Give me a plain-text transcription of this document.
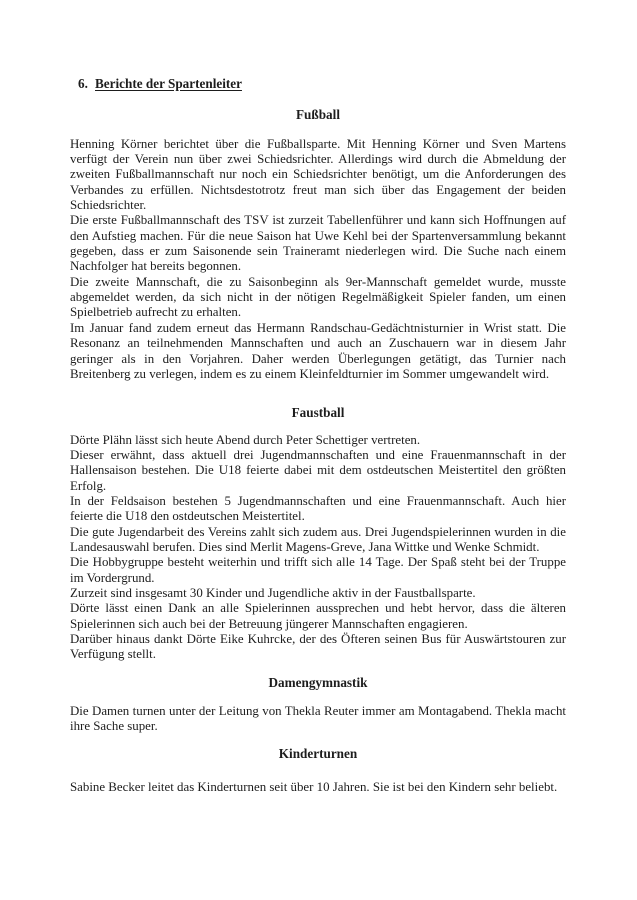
6. Berichte der Spartenleiter
Fußball

Henning Körner berichtet über die Fußballsparte. Mit Henning Körner und Sven Martens verfügt der Verein nun über zwei Schiedsrichter. Allerdings wird durch die Abmeldung der zweiten Fußballmannschaft nur noch ein Schiedsrichter benötigt, um die Anforderungen des Verbandes zu erfüllen. Nichtsdestotrotz freut man sich über das Engagement der beiden Schiedsrichter.

Die erste Fußballmannschaft des TSV ist zurzeit Tabellenführer und kann sich Hoffnungen auf den Aufstieg machen. Für die neue Saison hat Uwe Kehl bei der Spartenversammlung bekannt gegeben, dass er zum Saisonende sein Traineramt niederlegen wird. Die Suche nach einem Nachfolger hat bereits begonnen.

Die zweite Mannschaft, die zu Saisonbeginn als 9er-Mannschaft gemeldet wurde, musste abgemeldet werden, da sich nicht in der nötigen Regelmäßigkeit Spieler fanden, um einen Spielbetrieb aufrecht zu erhalten.

Im Januar fand zudem erneut das Hermann Randschau-Gedächtnisturnier in Wrist statt. Die Resonanz an teilnehmenden Mannschaften und auch an Zuschauern war in diesem Jahr geringer als in den Vorjahren. Daher werden Überlegungen getätigt, das Turnier nach Breitenberg zu verlegen, indem es zu einem Kleinfeldturnier im Sommer umgewandelt wird.

Faustball

Dörte Plähn lässt sich heute Abend durch Peter Schettiger vertreten.

Dieser erwähnt, dass aktuell drei Jugendmannschaften und eine Frauenmannschaft in der Hallensaison bestehen. Die U18 feierte dabei mit dem ostdeutschen Meistertitel den größten Erfolg.

In der Feldsaison bestehen 5 Jugendmannschaften und eine Frauenmannschaft. Auch hier feierte die U18 den ostdeutschen Meistertitel.

Die gute Jugendarbeit des Vereins zahlt sich zudem aus. Drei Jugendspielerinnen wurden in die Landesauswahl berufen. Dies sind Merlit Magens-Greve, Jana Wittke und Wenke Schmidt.

Die Hobbygruppe besteht weiterhin und trifft sich alle 14 Tage. Der Spaß steht bei der Truppe im Vordergrund.

Zurzeit sind insgesamt 30 Kinder und Jugendliche aktiv in der Faustballsparte.

Dörte lässt einen Dank an alle Spielerinnen aussprechen und hebt hervor, dass die älteren Spielerinnen sich auch bei der Betreuung jüngerer Mannschaften engagieren.

Darüber hinaus dankt Dörte Eike Kuhrcke, der des Öfteren seinen Bus für Auswärtstouren zur Verfügung stellt.

Damengymnastik

Die Damen turnen unter der Leitung von Thekla Reuter immer am Montagabend. Thekla macht ihre Sache super.

Kinderturnen

Sabine Becker leitet das Kinderturnen seit über 10 Jahren. Sie ist bei den Kindern sehr beliebt.
